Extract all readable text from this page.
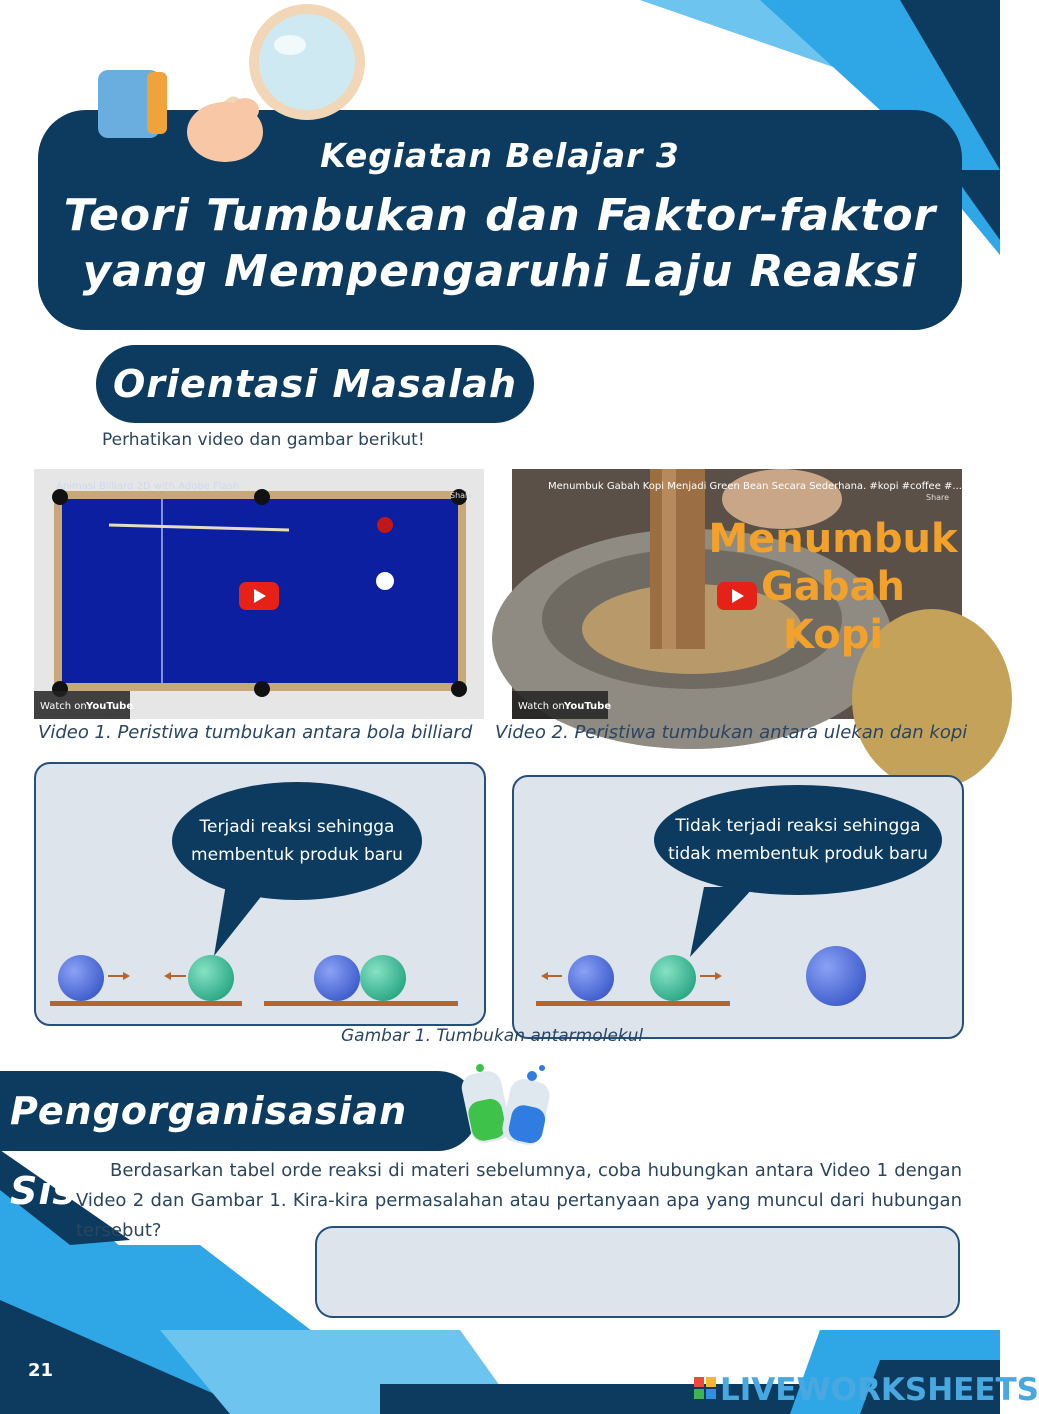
Kegiatan Belajar 3
Teori Tumbukan dan Faktor-faktor
yang Mempengaruhi Laju Reaksi
Orientasi Masalah
Perhatikan video dan gambar berikut!
Animasi Billiard 2D with Adobe Flash
Share
Watch on YouTube
Menumbuk Gabah Kopi Menjadi Green Bean Secara Sederhana. #kopi #coffee #...
Share
Menumbuk
Gabah Kopi
Watch on YouTube
Video 1. Peristiwa tumbukan antara bola billiard Video 2. Peristiwa tumbukan antara ulekan dan kopi
Terjadi reaksi sehingga
membentuk produk baru
Tidak terjadi reaksi sehingga
tidak membentuk produk baru
Gambar 1. Tumbukan antarmolekul
Pengorganisasian Siswa
Berdasarkan tabel orde reaksi di materi sebelumnya, coba hubungkan antara Video 1 dengan Video 2 dan Gambar 1. Kira-kira permasalahan atau pertanyaan apa yang muncul dari hubungan tersebut?
21
LIVEWORKSHEETS
